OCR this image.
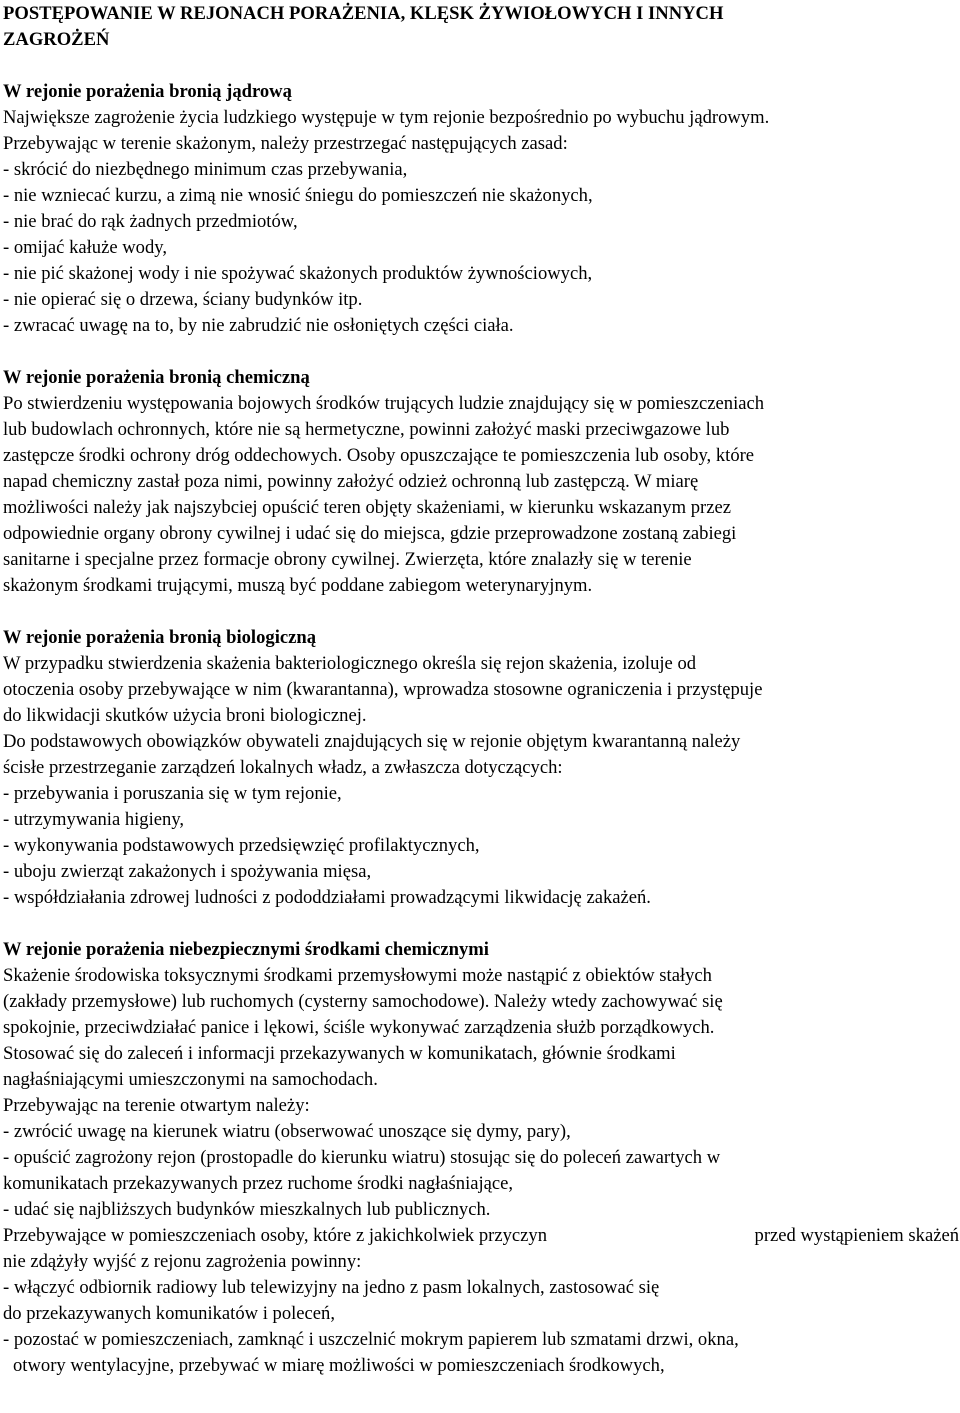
POSTĘPOWANIE W REJONACH PORAŻENIA, KLĘSK ŻYWIOŁOWYCH I INNYCH
ZAGROŻEŃ
W rejonie porażenia bronią jądrową
Największe zagrożenie życia ludzkiego występuje w tym rejonie bezpośrednio po wybuchu jądrowym.
Przebywając w terenie skażonym, należy przestrzegać następujących zasad:
- skrócić do niezbędnego minimum czas przebywania,
- nie wzniecać kurzu, a zimą nie wnosić śniegu do pomieszczeń nie skażonych,
- nie brać do rąk żadnych przedmiotów,
- omijać kałuże wody,
- nie pić skażonej wody i nie spożywać skażonych produktów żywnościowych,
- nie opierać się o drzewa, ściany budynków itp.
- zwracać uwagę na to, by nie zabrudzić nie osłoniętych części ciała.
W rejonie porażenia bronią chemiczną
Po stwierdzeniu występowania bojowych środków trujących ludzie znajdujący się w pomieszczeniach
lub budowlach ochronnych, które nie są hermetyczne, powinni założyć maski przeciwgazowe lub
zastępcze środki ochrony dróg oddechowych. Osoby opuszczające te pomieszczenia lub osoby, które
napad chemiczny zastał poza nimi, powinny założyć odzież ochronną lub zastępczą. W miarę
możliwości należy jak najszybciej opuścić teren objęty skażeniami, w kierunku wskazanym przez
odpowiednie organy obrony cywilnej i udać się do miejsca, gdzie przeprowadzone zostaną zabiegi
sanitarne i specjalne przez formacje obrony cywilnej. Zwierzęta, które znalazły się w terenie
skażonym środkami trującymi, muszą być poddane zabiegom weterynaryjnym.
W rejonie porażenia bronią biologiczną
W przypadku stwierdzenia skażenia bakteriologicznego określa się rejon skażenia, izoluje od
otoczenia osoby przebywające w nim (kwarantanna), wprowadza stosowne ograniczenia i przystępuje
do likwidacji skutków użycia broni biologicznej.
Do podstawowych obowiązków obywateli znajdujących się w rejonie objętym kwarantanną należy
ścisłe przestrzeganie zarządzeń lokalnych władz, a zwłaszcza dotyczących:
- przebywania i poruszania się w tym rejonie,
- utrzymywania higieny,
- wykonywania podstawowych przedsięwzięć profilaktycznych,
- uboju zwierząt zakażonych i spożywania mięsa,
- współdziałania zdrowej ludności z pododdziałami prowadzącymi likwidację zakażeń.
W rejonie porażenia niebezpiecznymi środkami chemicznymi
Skażenie środowiska toksycznymi środkami przemysłowymi może nastąpić z obiektów stałych
(zakłady przemysłowe) lub ruchomych (cysterny samochodowe). Należy wtedy zachowywać się
spokojnie, przeciwdziałać panice i lękowi, ściśle wykonywać zarządzenia służb porządkowych.
Stosować się do zaleceń i informacji przekazywanych w komunikatach, głównie środkami
nagłaśniającymi umieszczonymi na samochodach.
Przebywając na terenie otwartym należy:
- zwrócić uwagę na kierunek wiatru (obserwować unoszące się dymy, pary),
- opuścić zagrożony rejon (prostopadle do kierunku wiatru) stosując się do poleceń zawartych w
komunikatach przekazywanych przez ruchome środki nagłaśniające,
- udać się najbliższych budynków mieszkalnych lub publicznych.
Przebywające w pomieszczeniach osoby, które z jakichkolwiek przyczyn	przed wystąpieniem skażeń
nie zdążyły wyjść z rejonu zagrożenia powinny:
- włączyć odbiornik radiowy lub telewizyjny na jedno z pasm lokalnych, zastosować się
do przekazywanych komunikatów i poleceń,
- pozostać w pomieszczeniach, zamknąć i uszczelnić mokrym papierem lub szmatami drzwi, okna,
otwory wentylacyjne, przebywać w miarę możliwości w pomieszczeniach środkowych,
